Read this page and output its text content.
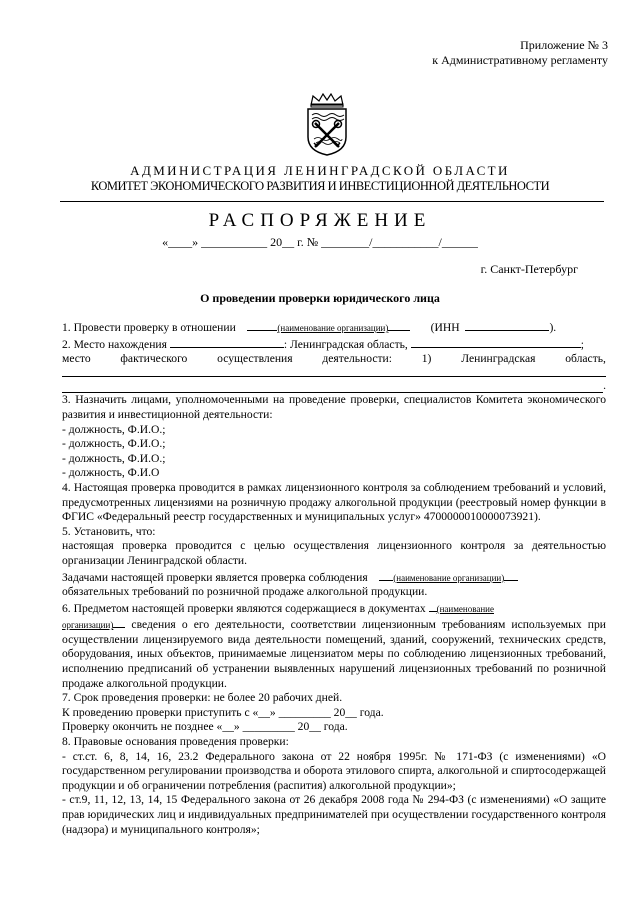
Приложение № 3
к Административному регламенту
АДМИНИСТРАЦИЯ ЛЕНИНГРАДСКОЙ ОБЛАСТИ
КОМИТЕТ ЭКОНОМИЧЕСКОГО РАЗВИТИЯ И ИНВЕСТИЦИОННОЙ ДЕЯТЕЛЬНОСТИ
РАСПОРЯЖЕНИЕ
«____» ___________ 20__ г. № ________/___________/______
г. Санкт-Петербург
О проведении проверки юридического лица

1. Провести проверку в отношении	(наименование организации)	(ИНН	).

2. Место нахождения	: Ленинградская область,	;

место	фактического	осуществления	деятельности:	1)	Ленинградская	область,
.

3. Назначить лицами, уполномоченными на проведение проверки, специалистов Комитета экономического развития и инвестиционной деятельности:

- должность, Ф.И.О.;

- должность, Ф.И.О.;

- должность, Ф.И.О.;

- должность, Ф.И.О

4. Настоящая проверка проводится в рамках лицензионного контроля за соблюдением требований и условий, предусмотренных лицензиями на розничную продажу алкогольной продукции (реестровый номер функции в ФГИС «Федеральный реестр государственных и муниципальных услуг» 4700000010000073921).

5. Установить, что:

настоящая проверка проводится с целью осуществления лицензионного контроля за деятельностью организации Ленинградской области.

Задачами настоящей проверки является проверка соблюдения	(наименование организации)
обязательных требований по розничной продаже алкогольной продукции.

6. Предметом настоящей проверки являются содержащиеся в документах (наименование
организации) сведения о его деятельности, соответствии лицензионным требованиям используемых при осуществлении лицензируемого вида деятельности помещений, зданий, сооружений, технических средств, оборудования, иных объектов, принимаемые лицензиатом меры по соблюдению лицензионных требований, исполнению предписаний об устранении выявленных нарушений лицензионных требований по розничной продаже алкогольной продукции.

7. Срок проведения проверки: не более 20 рабочих дней.

К проведению проверки приступить с «__» _________ 20__ года.

Проверку окончить не позднее «__» _________ 20__ года.

8. Правовые основания проведения проверки:

- ст.ст. 6, 8, 14, 16, 23.2 Федерального закона от 22 ноября 1995г. № 171-ФЗ (с изменениями) «О государственном регулировании производства и оборота этилового спирта, алкогольной и спиртосодержащей продукции и об ограничении потребления (распития) алкогольной продукции»;

- ст.9, 11, 12, 13, 14, 15 Федерального закона от 26 декабря 2008 года № 294-ФЗ (с изменениями) «О защите прав юридических лиц и индивидуальных предпринимателей при осуществлении государственного контроля (надзора) и муниципального контроля»;
